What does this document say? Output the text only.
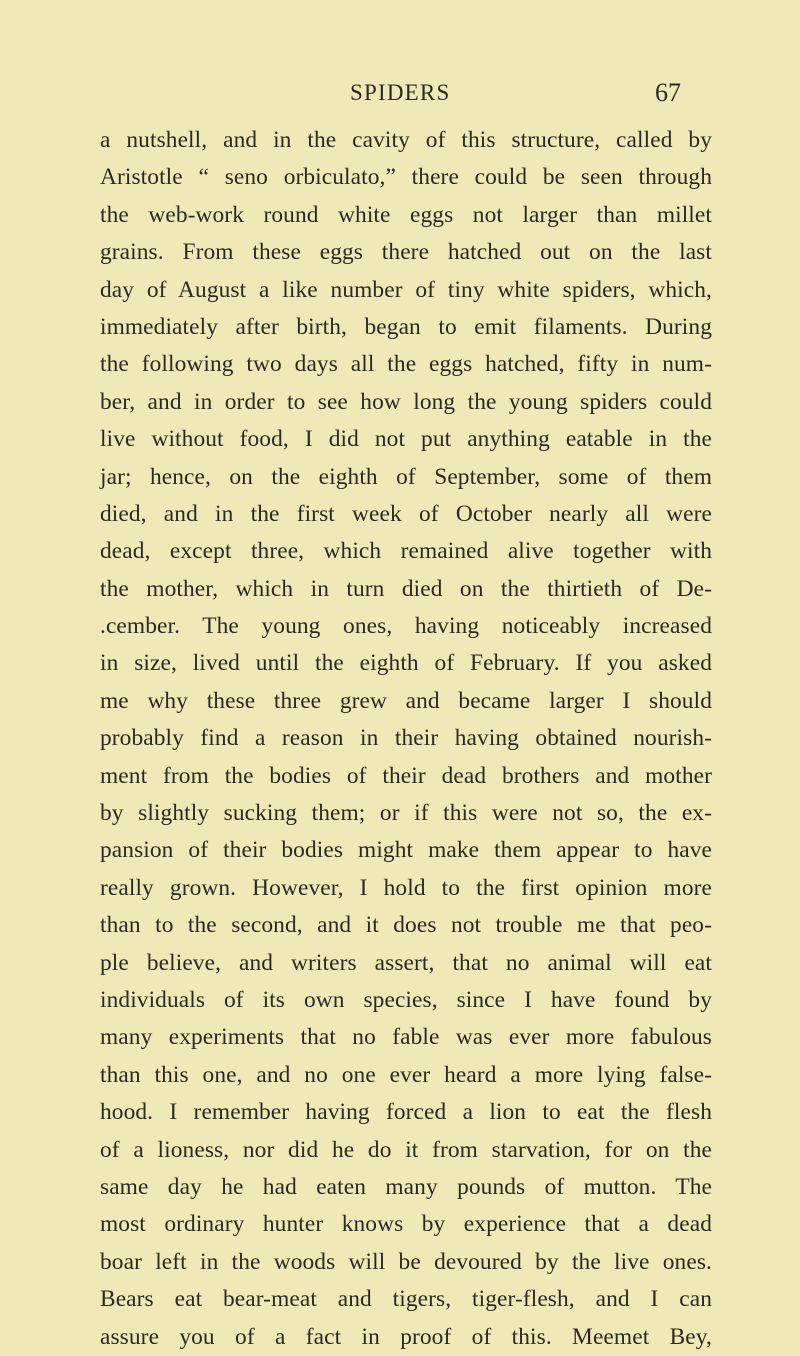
SPIDERS	67
a nutshell, and in the cavity of this structure, called by
Aristotle “ seno orbiculato,” there could be seen through
the web-work round white eggs not larger than millet
grains. From these eggs there hatched out on the last
day of August a like number of tiny white spiders, which,
immediately after birth, began to emit filaments. During
the following two days all the eggs hatched, fifty in num-
ber, and in order to see how long the young spiders could
live without food, I did not put anything eatable in the
jar; hence, on the eighth of September, some of them
died, and in the first week of October nearly all were
dead, except three, which remained alive together with
the mother, which in turn died on the thirtieth of De-
.cember. The young ones, having noticeably increased
in size, lived until the eighth of February. If you asked
me why these three grew and became larger I should
probably find a reason in their having obtained nourish-
ment from the bodies of their dead brothers and mother
by slightly sucking them; or if this were not so, the ex-
pansion of their bodies might make them appear to have
really grown. However, I hold to the first opinion more
than to the second, and it does not trouble me that peo-
ple believe, and writers assert, that no animal will eat
individuals of its own species, since I have found by
many experiments that no fable was ever more fabulous
than this one, and no one ever heard a more lying false-
hood. I remember having forced a lion to eat the flesh
of a lioness, nor did he do it from starvation, for on the
same day he had eaten many pounds of mutton. The
most ordinary hunter knows by experience that a dead
boar left in the woods will be devoured by the live ones.
Bears eat bear-meat and tigers, tiger-flesh, and I can
assure you of a fact in proof of this. Meemet Bey,
